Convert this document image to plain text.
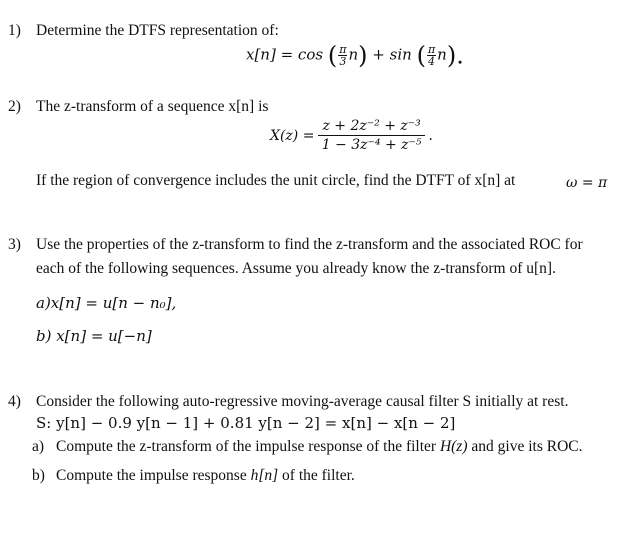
1) Determine the DTFS representation of:
x[n] = cos ( $\frac{\pi}{3} n) + \sin$ ( $\frac{\pi}{4} n$).
2) The z-transform of a sequence x[n] is
$X(z) = \frac{\text{z + 2z⁻² + z⁻³}}{\text{1 − 3z⁻⁴ + z⁻⁵}}$ .
If the region of convergence includes the unit circle, find the DTFT of x[n] at	ω = π
3) Use the properties of the z-transform to find the z-transform and the associated ROC for
each of the following sequences. Assume you already know the z-transform of u[n].
a)x[n] = u[n − n₀],
b) x[n] = u[−n]
4) Consider the following auto-regressive moving-average causal filter S initially at rest.
S: y[n] − 0.9 y[n − 1] + 0.81 y[n − 2] = x[n] − x[n − 2]
a) Compute the z-transform of the impulse response of the filter H(z) and give its ROC.
b) Compute the impulse response h[n] of the filter.
